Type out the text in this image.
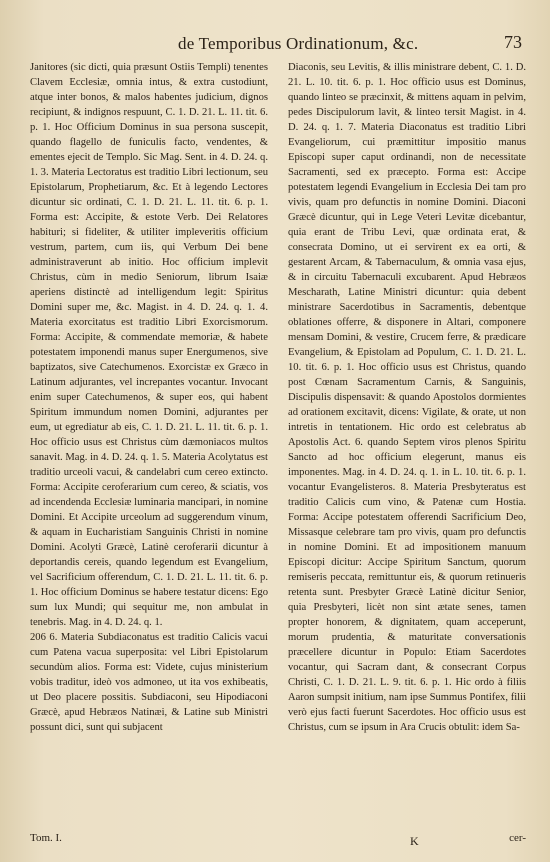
de Temporibus Ordinationum, &c.	73

Janitores (sic dicti, quia præsunt Ostiis Templi) tenentes Clavem Ecclesiæ, omnia intus, & extra custodiunt, atque inter bonos, & malos habentes judicium, dignos recipiunt, & indignos respuunt, C. 1. D. 21. L. 11. tit. 6. p. 1. Hoc Officium Dominus in sua persona suscepit, quando flagello de funiculis facto, vendentes, & ementes ejecit de Templo. Sic Mag. Sent. in 4. D. 24. q. 1. 3. Materia Lectoratus est traditio Libri lectionum, seu Epistolarum, Prophetiarum, &c. Et à legendo Lectores dicuntur sic ordinati, C. 1. D. 21. L. 11. tit. 6. p. 1. Forma est: Accipite, & estote Verb. Dei Relatores habituri; si fideliter, & utiliter impleveritis officium vestrum, partem, cum iis, qui Verbum Dei bene administraverunt ab initio. Hoc officium implevit Christus, cùm in medio Seniorum, librum Isaiæ aperiens distinctè ad intelligendum legit: Spiritus Domini super me, &c. Magist. in 4. D. 24. q. 1. 4. Materia exorcitatus est traditio Libri Exorcismorum. Forma: Accipite, & commendate memoriæ, & habete potestatem imponendi manus super Energumenos, sive baptizatos, sive Catechumenos. Exorcistæ ex Græco in Latinum adjurantes, vel increpantes vocantur. Invocant enim super Catechumenos, & super eos, qui habent Spiritum immundum nomen Domini, adjurantes per eum, ut egrediatur ab eis, C. 1. D. 21. L. 11. tit. 6. p. 1. Hoc officio usus est Christus cùm dæmoniacos multos sanavit. Mag. in 4. D. 24. q. 1. 5. Materia Acolytatus est traditio urceoli vacui, & candelabri cum cereo extincto. Forma: Accipite ceroferarium cum cereo, & sciatis, vos ad incendenda Ecclesiæ luminaria mancipari, in nomine Domini. Et Accipite urceolum ad suggerendum vinum, & aquam in Eucharistiam Sanguinis Christi in nomine Domini. Acolyti Græcè, Latinè ceroferarii dicuntur à deportandis cereis, quando legendum est Evangelium, vel Sacrificium offerendum, C. 1. D. 21. L. 11. tit. 6. p. 1. Hoc officium Dominus se habere testatur dicens: Ego sum lux Mundi; qui sequitur me, non ambulat in tenebris. Mag. in 4. D. 24. q. 1.

206 6. Materia Subdiaconatus est traditio Calicis vacui cum Patena vacua superposita: vel Libri Epistolarum secundùm alios. Forma est: Videte, cujus ministerium vobis traditur, ideò vos admoneo, ut ita vos exhibeatis, ut Deo placere possitis. Subdiaconi, seu Hipodiaconi Græcè, apud Hebræos Natinæi, & Latine sub Ministri possunt dici, sunt qui subjacent

Diaconis, seu Levitis, & illis ministrare debent, C. 1. D. 21. L. 10. tit. 6. p. 1. Hoc officio usus est Dominus, quando linteo se præcinxit, & mittens aquam in pelvim, pedes Discipulorum lavit, & linteo tersit Magist. in 4. D. 24. q. 1. 7. Materia Diaconatus est traditio Libri Evangeliorum, cui præmittitur impositio manus Episcopi super caput ordinandi, non de necessitate Sacramenti, sed ex præcepto. Forma est: Accipe potestatem legendi Evangelium in Ecclesia Dei tam pro vivis, quam pro defunctis in nomine Domini. Diaconi Græcè dicuntur, qui in Lege Veteri Levitæ dicebantur, quia erant de Tribu Levi, quæ ordinata erat, & consecrata Domino, ut ei servirent ex ea orti, & gestarent Arcam, & Tabernaculum, & omnia vasa ejus, & in circuitu Tabernaculi excubarent. Apud Hebræos Mescharath, Latine Ministri dicuntur: quia debent ministrare Sacerdotibus in Sacramentis, debentque oblationes offerre, & disponere in Altari, componere mensam Domini, & vestire, Crucem ferre, & prædicare Evangelium, & Epistolam ad Populum, C. 1. D. 21. L. 10. tit. 6. p. 1. Hoc officio usus est Christus, quando post Cœnam Sacramentum Carnis, & Sanguinis, Discipulis dispensavit: & quando Apostolos dormientes ad orationem excitavit, dicens: Vigilate, & orate, ut non intretis in tentationem. Hic ordo est celebratus ab Apostolis Act. 6. quando Septem viros plenos Spiritu Sancto ad hoc officium elegerunt, manus eis imponentes. Mag. in 4. D. 24. q. 1. in L. 10. tit. 6. p. 1. vocantur Evangelisteros. 8. Materia Presbyteratus est traditio Calicis cum vino, & Patenæ cum Hostia. Forma: Accipe potestatem offerendi Sacrificium Deo, Missasque celebrare tam pro vivis, quam pro defunctis in nomine Domini. Et ad impositionem manuum Episcopi dicitur: Accipe Spiritum Sanctum, quorum remiseris peccata, remittuntur eis, & quorum retinueris retenta sunt. Presbyter Græcè Latinè dicitur Senior, quia Presbyteri, licèt non sint ætate senes, tamen propter honorem, & dignitatem, quam acceperunt, morum prudentia, & maturitate conversationis præcellere dicuntur in Populo: Etiam Sacerdotes vocantur, qui Sacram dant, & consecrant Corpus Christi, C. 1. D. 21. L. 9. tit. 6. p. 1. Hic ordo à filiis Aaron sumpsit initium, nam ipse Summus Pontifex, filii verò ejus facti fuerunt Sacerdotes. Hoc officio usus est Christus, cum se ipsum in Ara Crucis obtulit: idem Sa-

Tom. I.	K	cer-
